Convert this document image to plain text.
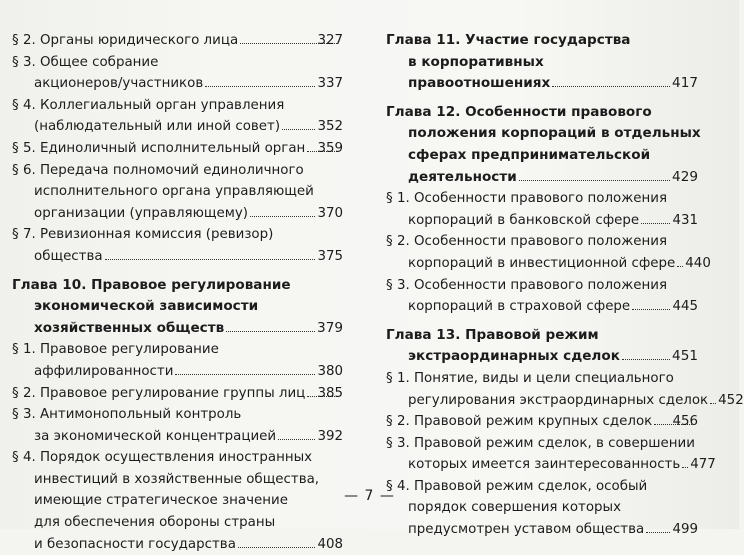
§ 2. Органы юридического лица	327
§ 3. Общее собрание
акционеров/участников	337
§ 4. Коллегиальный орган управления
(наблюдательный или иной совет)	352
§ 5. Единоличный исполнительный орган 359
§ 6. Передача полномочий единоличного
исполнительного органа управляющей
организации (управляющему)	370
§ 7. Ревизионная комиссия (ревизор)
общества	375
Глава 10. Правовое регулирование
экономической зависимости
хозяйственных обществ	379
§ 1. Правовое регулирование
аффилированности	380
§ 2. Правовое регулирование группы лиц 385
§ 3. Антимонопольный контроль
за экономической концентрацией	392
§ 4. Порядок осуществления иностранных
инвестиций в хозяйственные общества,
имеющие стратегическое значение
для обеспечения обороны страны
и безопасности государства	408
Глава 11. Участие государства
в корпоративных
правоотношениях	417
Глава 12. Особенности правового
положения корпораций в отдельных
сферах предпринимательской
деятельности	429
§ 1. Особенности правового положения
корпораций в банковской сфере 431
§ 2. Особенности правового положения
корпораций в инвестиционной сфере 440
§ 3. Особенности правового положения
корпораций в страховой сфере	445
Глава 13. Правовой режим
экстраординарных сделок	451
§ 1. Понятие, виды и цели специального
регулирования экстраординарных сделок 452
§ 2. Правовой режим крупных сделок 456
§ 3. Правовой режим сделок, в совершении
которых имеется заинтересованность 477
§ 4. Правовой режим сделок, особый
порядок совершения которых
предусмотрен уставом общества 499
— 7 —
